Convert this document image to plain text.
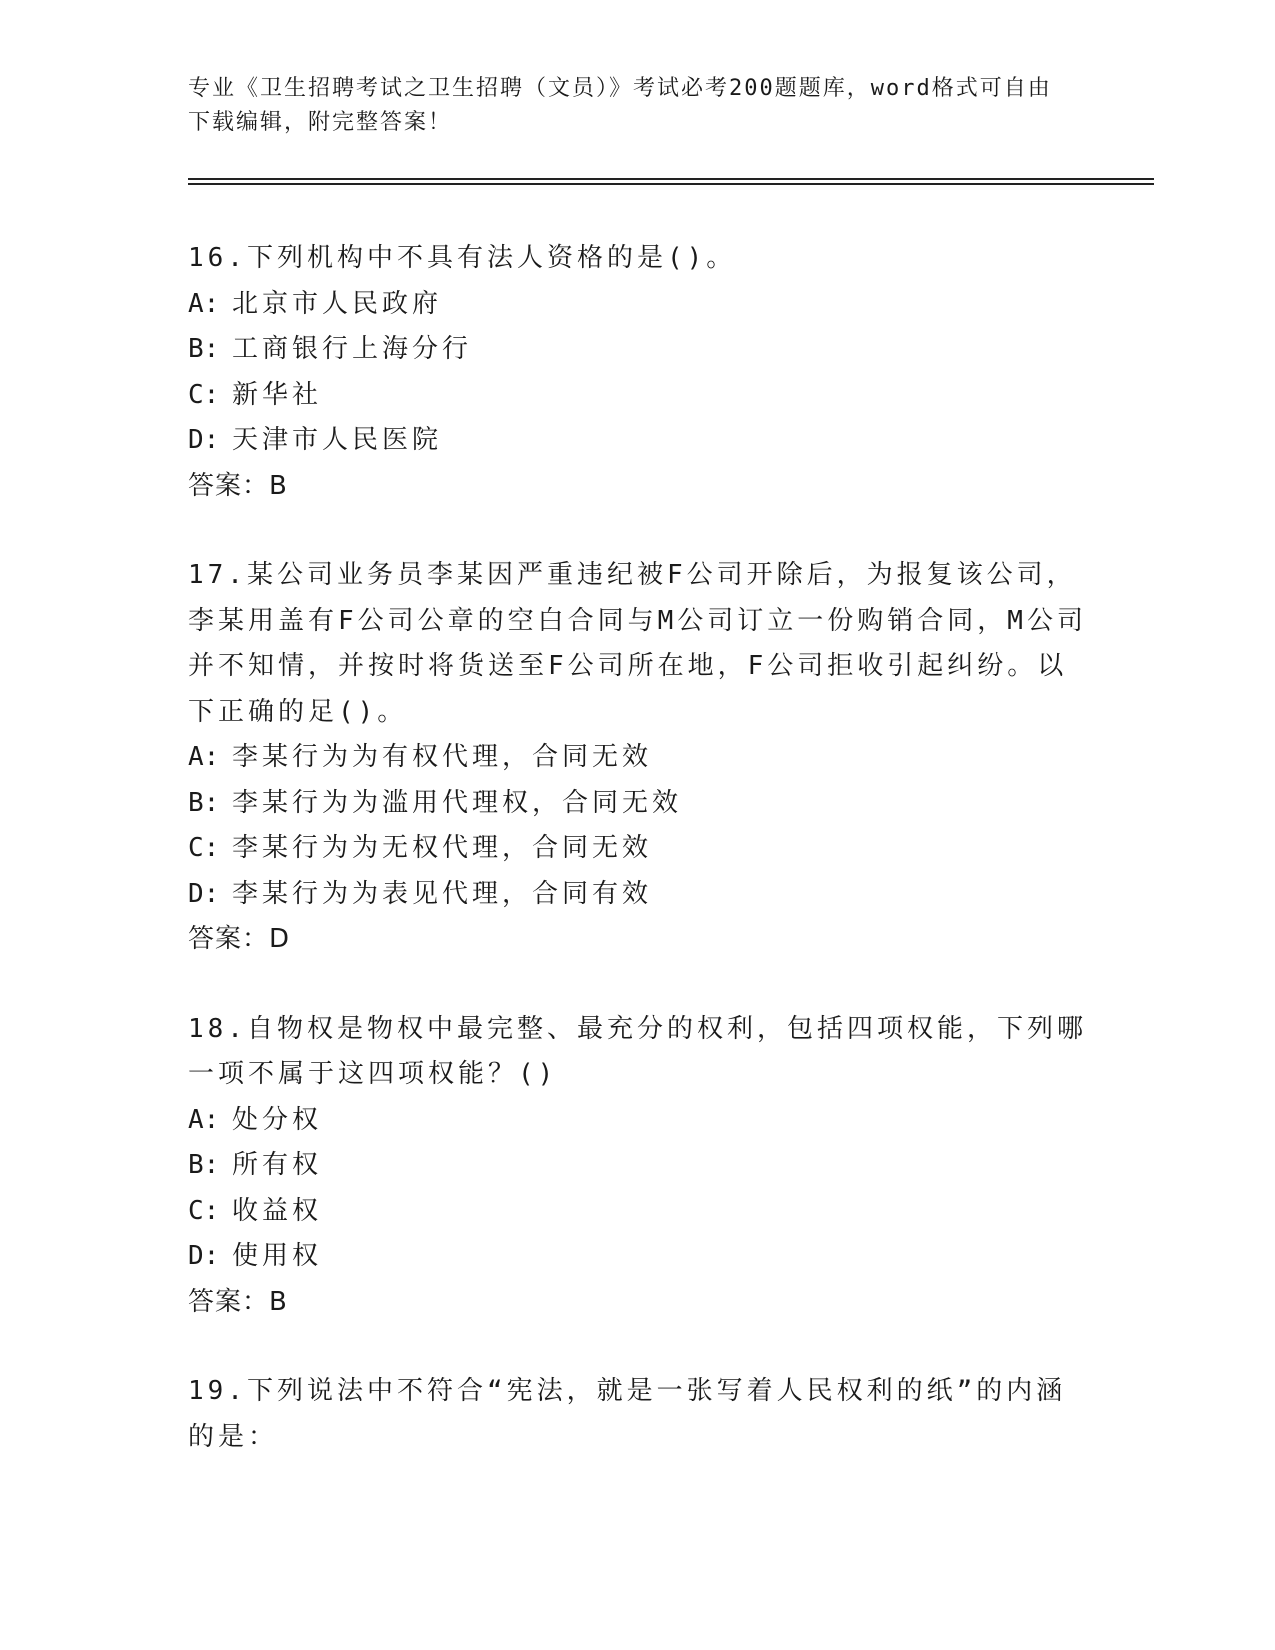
专业《卫生招聘考试之卫生招聘（文员）》考试必考200题题库，word格式可自由下载编辑，附完整答案！
16.下列机构中不具有法人资格的是()。
A: 北京市人民政府
B: 工商银行上海分行
C: 新华社
D: 天津市人民医院
答案：B
17.某公司业务员李某因严重违纪被F公司开除后，为报复该公司，李某用盖有F公司公章的空白合同与M公司订立一份购销合同，M公司并不知情，并按时将货送至F公司所在地，F公司拒收引起纠纷。以下正确的足()。
A: 李某行为为有权代理，合同无效
B: 李某行为为滥用代理权，合同无效
C: 李某行为为无权代理，合同无效
D: 李某行为为表见代理，合同有效
答案：D
18.自物权是物权中最完整、最充分的权利，包括四项权能，下列哪一项不属于这四项权能？()
A: 处分权
B: 所有权
C: 收益权
D: 使用权
答案：B
19.下列说法中不符合“宪法，就是一张写着人民权利的纸”的内涵的是：
